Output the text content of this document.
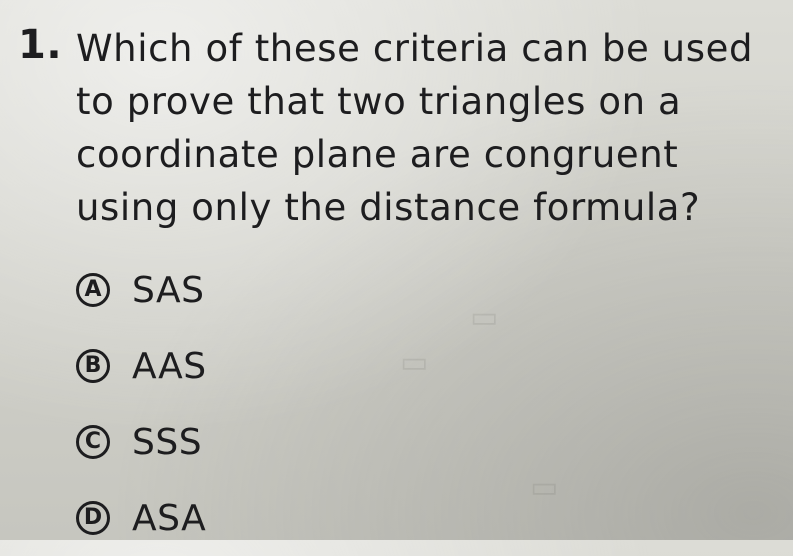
▭
▭
▭
1. Which of these criteria can be used
to prove that two triangles on a
coordinate plane are congruent
using only the distance formula?
A SAS
B AAS
C SSS
D ASA
